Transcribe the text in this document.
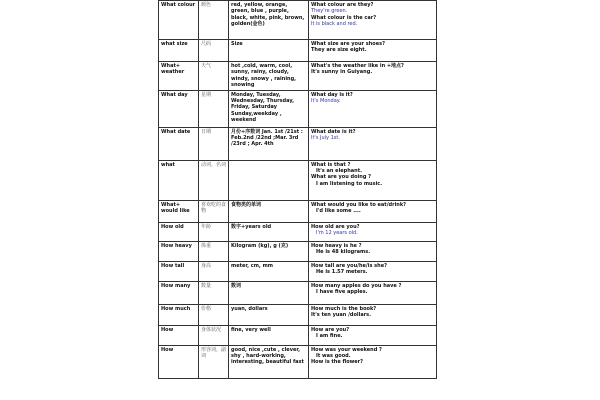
What colour	颜色	red, yellow, orange, green, blue , purple, black, white, pink, brown, golden(金色)	What colour are they?
They're green.
What colour is the car?
It is black and red.

what size	尺码	Size	What size are your shoes?
They are size eight.

What+ weather	天气	hot ,cold, warm, cool, sunny, rainy, cloudy, windy, snowy , raining, snowing	What's the weather like in +地点?
It's sunny in Guiyang.

What day	星期	Monday, Tuesday, Wednesday, Thursday, Friday, Saturday Sunday,weekday , weekend	What day is it?
It's Monday.

What date	日期	月份+序数词 Jan. 1st /21st : Feb.2nd /22nd ;Mar. 3rd /23rd ; Apr. 4th	What date is it?
It's July 1st.

what	动词，名词		What is that ?
It's an elephant.
What are you doing ?
I am listening to music.

What+ would like	喜欢吃的食物	食物类的单词	What would you like to eat/drink?
I'd like some ....

How old	年龄	数字+years old	How old are you?
I'm 12 years old.

How heavy	体重	Kilogram (kg), g (克)	How heavy is he ?
He is 48 kilograms.

How tall	身高	meter, cm, mm	How tall are you/he/is she?
He is 1.57 meters.

How many	数量	数词	How many apples do you have ?
I have five apples.

How much	价格	yuan, dollars	How much is the book?
It's ten yuan /dollars.

How	身体状况	fine, very well	How are you?
I am fine.

How	形容词，副词	good, nice ,cute , clever, shy , hard-working, interesting, beautiful fast	How was your weekend ?
It was good.
How is the flower?
